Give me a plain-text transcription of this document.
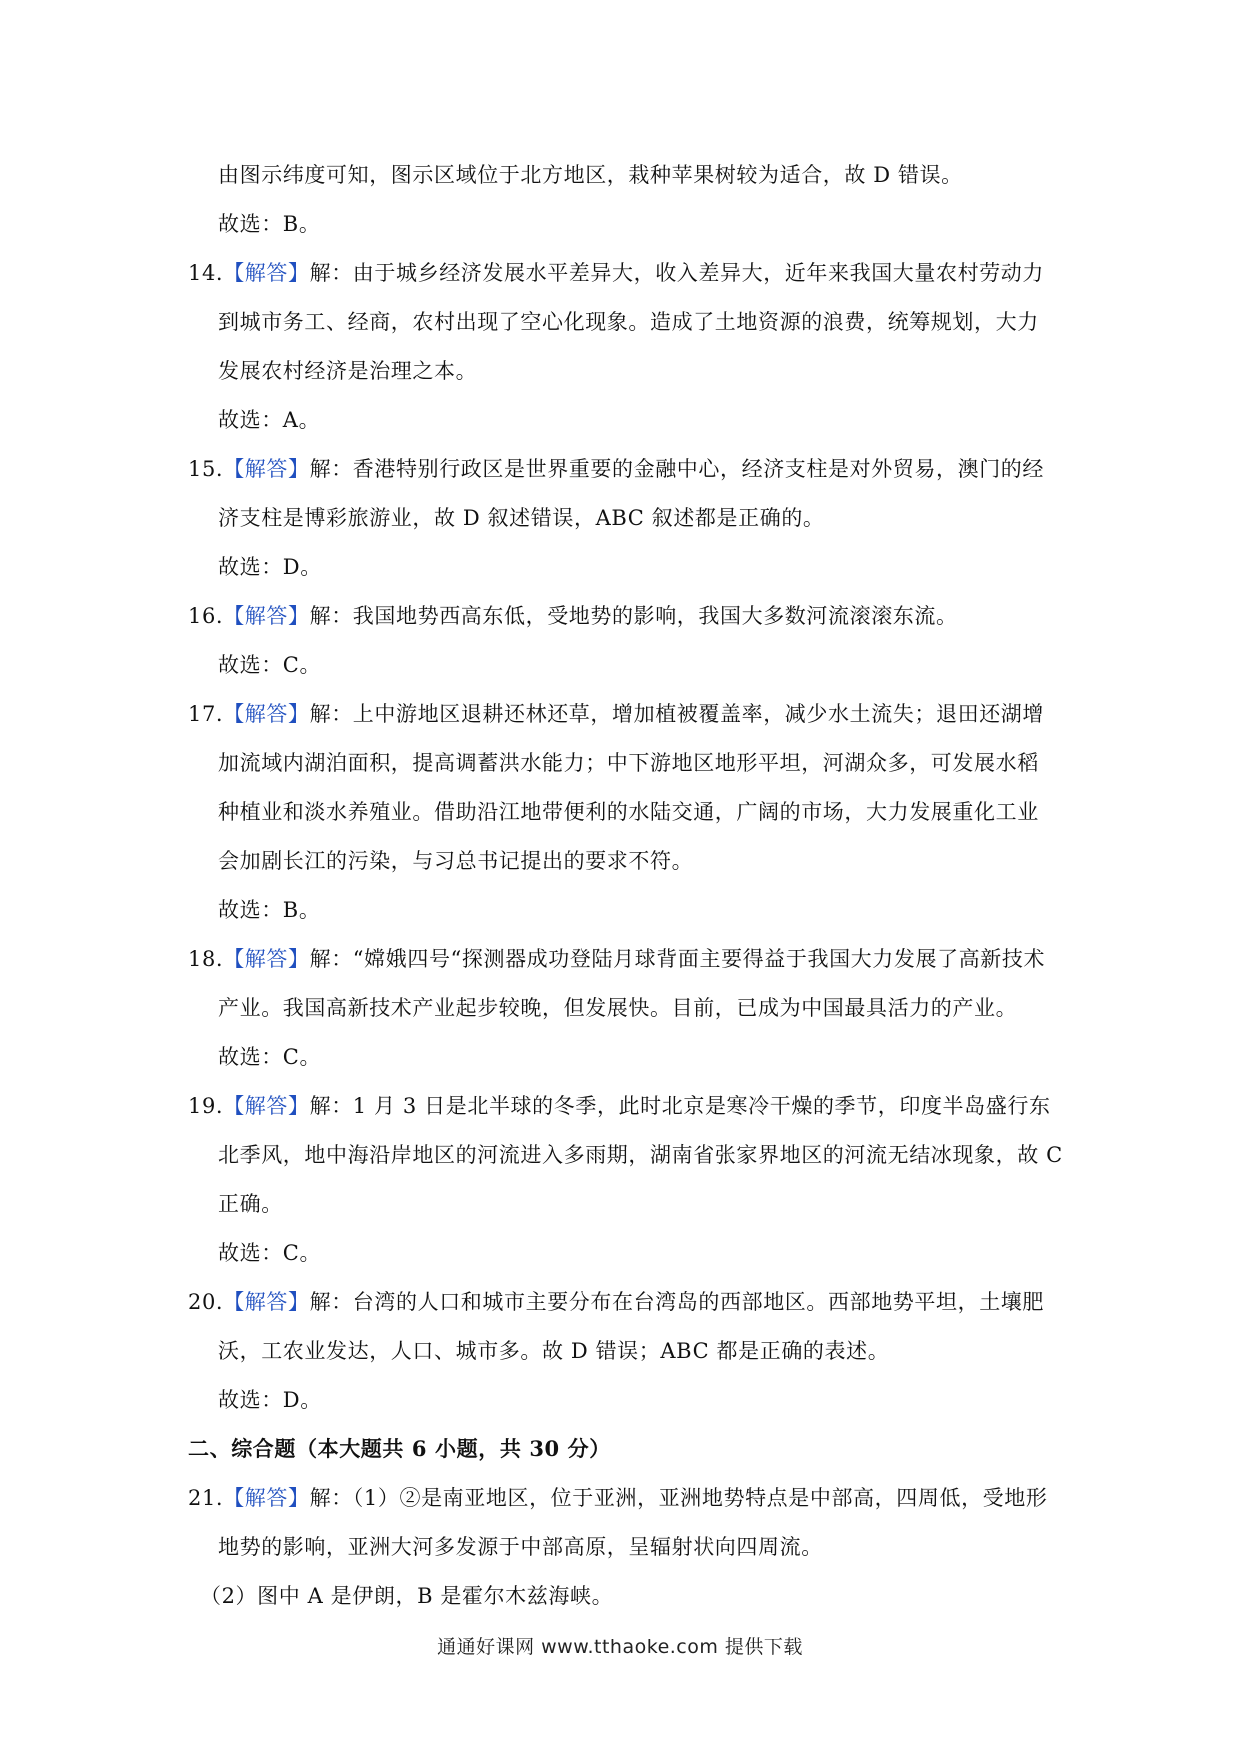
由图示纬度可知，图示区域位于北方地区，栽种苹果树较为适合，故 D 错误。
故选：B。
14.【解答】解：由于城乡经济发展水平差异大，收入差异大，近年来我国大量农村劳动力
到城市务工、经商，农村出现了空心化现象。造成了土地资源的浪费，统筹规划，大力
发展农村经济是治理之本。
故选：A。
15.【解答】解：香港特别行政区是世界重要的金融中心，经济支柱是对外贸易，澳门的经
济支柱是博彩旅游业，故 D 叙述错误，ABC 叙述都是正确的。
故选：D。
16.【解答】解：我国地势西高东低，受地势的影响，我国大多数河流滚滚东流。
故选：C。
17.【解答】解：上中游地区退耕还林还草，增加植被覆盖率，减少水土流失；退田还湖增
加流域内湖泊面积，提高调蓄洪水能力；中下游地区地形平坦，河湖众多，可发展水稻
种植业和淡水养殖业。借助沿江地带便利的水陆交通，广阔的市场，大力发展重化工业
会加剧长江的污染，与习总书记提出的要求不符。
故选：B。
18.【解答】解：“嫦娥四号“探测器成功登陆月球背面主要得益于我国大力发展了高新技术
产业。我国高新技术产业起步较晚，但发展快。目前，已成为中国最具活力的产业。
故选：C。
19.【解答】解：1 月 3 日是北半球的冬季，此时北京是寒冷干燥的季节，印度半岛盛行东
北季风，地中海沿岸地区的河流进入多雨期，湖南省张家界地区的河流无结冰现象，故 C
正确。
故选：C。
20.【解答】解：台湾的人口和城市主要分布在台湾岛的西部地区。西部地势平坦，土壤肥
沃，工农业发达，人口、城市多。故 D 错误；ABC 都是正确的表述。
故选：D。
二、综合题（本大题共 6 小题，共 30 分）
21.【解答】解：（1）②是南亚地区，位于亚洲，亚洲地势特点是中部高，四周低，受地形
地势的影响，亚洲大河多发源于中部高原，呈辐射状向四周流。
（2）图中 A 是伊朗，B 是霍尔木兹海峡。
通通好课网 www.tthaoke.com 提供下载
